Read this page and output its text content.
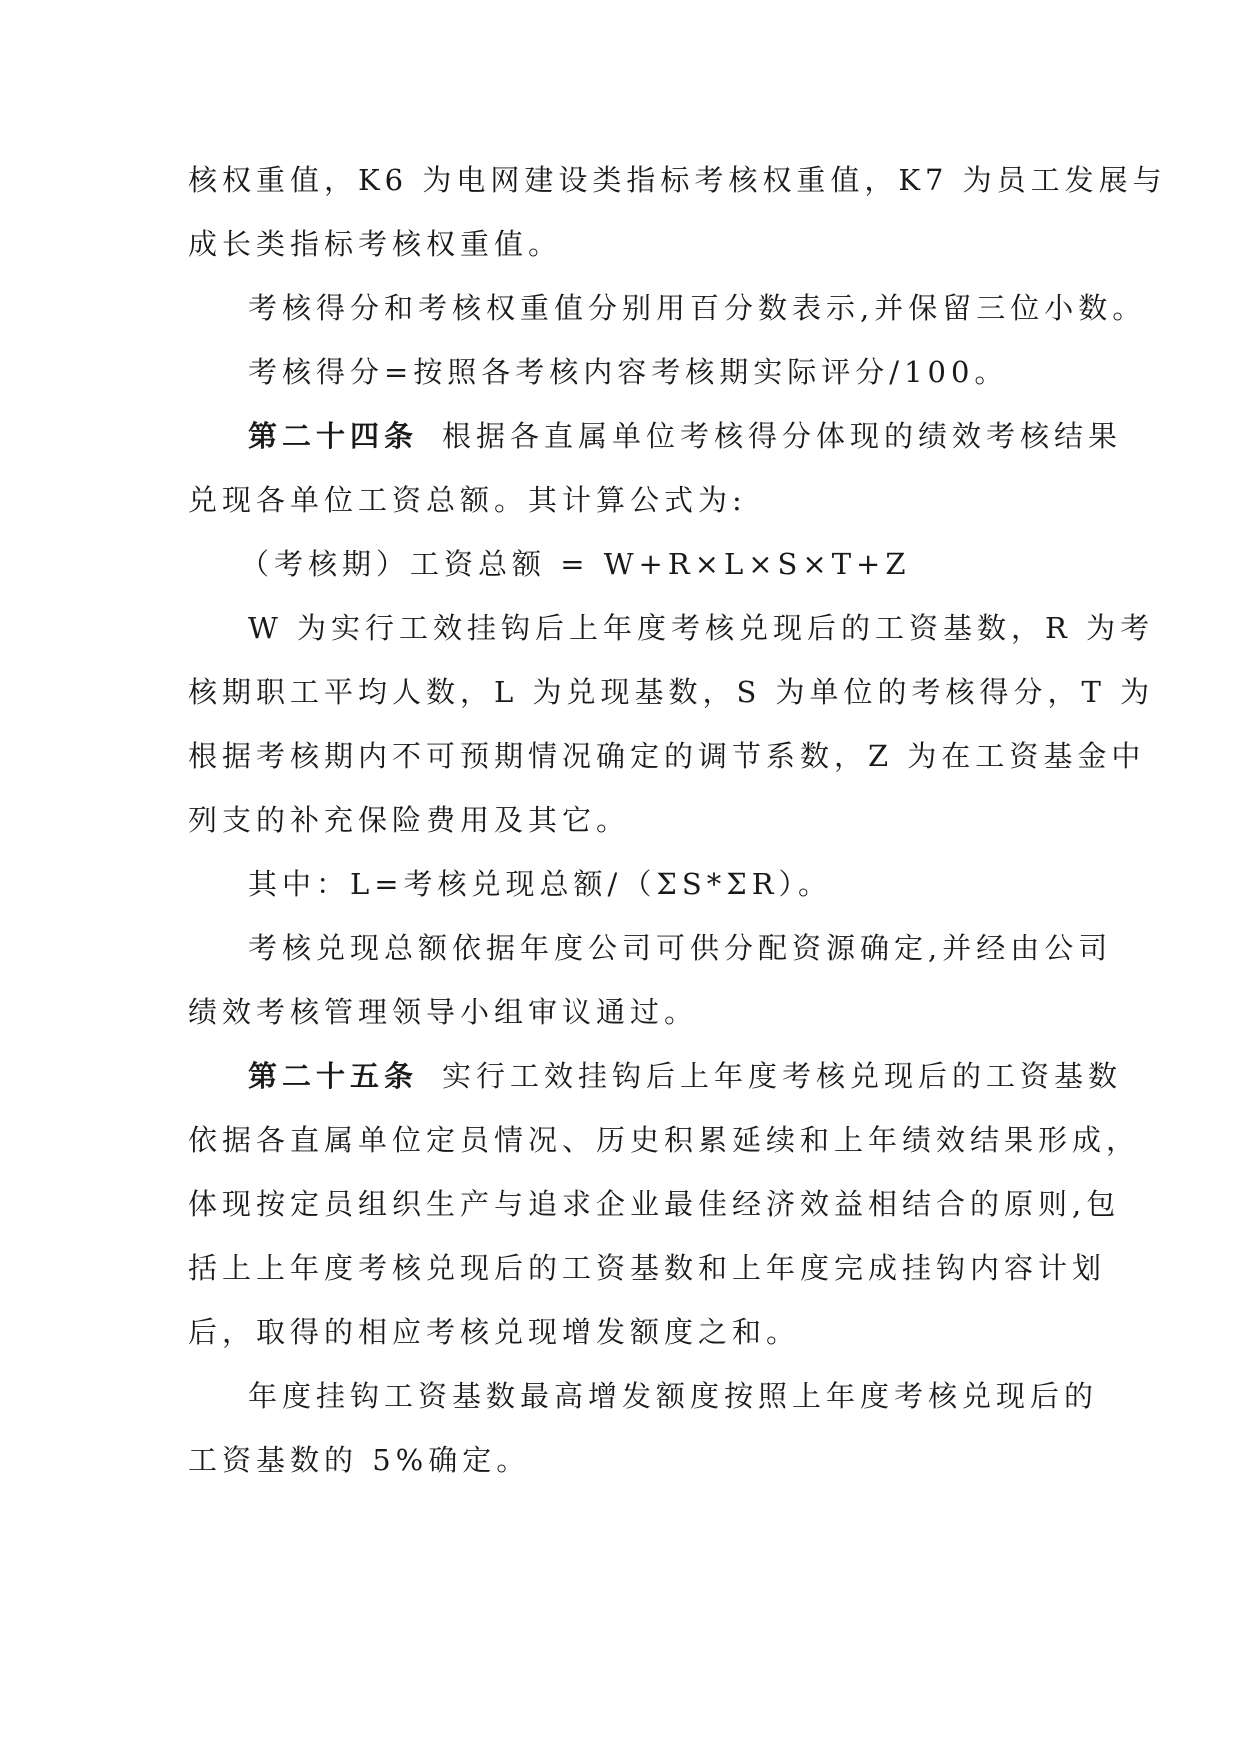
核权重值，K6 为电网建设类指标考核权重值，K7 为员工发展与
成长类指标考核权重值。
考核得分和考核权重值分别用百分数表示,并保留三位小数。
考核得分=按照各考核内容考核期实际评分/100。
第二十四条 根据各直属单位考核得分体现的绩效考核结果
兑现各单位工资总额。其计算公式为:
（考核期）工资总额 = W+R×L×S×T+Z
W 为实行工效挂钩后上年度考核兑现后的工资基数，R 为考
核期职工平均人数，L 为兑现基数，S 为单位的考核得分，T 为
根据考核期内不可预期情况确定的调节系数，Z 为在工资基金中
列支的补充保险费用及其它。
其中：L=考核兑现总额/（ΣS*ΣR）。
考核兑现总额依据年度公司可供分配资源确定,并经由公司
绩效考核管理领导小组审议通过。
第二十五条 实行工效挂钩后上年度考核兑现后的工资基数
依据各直属单位定员情况、历史积累延续和上年绩效结果形成，
体现按定员组织生产与追求企业最佳经济效益相结合的原则,包
括上上年度考核兑现后的工资基数和上年度完成挂钩内容计划
后，取得的相应考核兑现增发额度之和。
年度挂钩工资基数最高增发额度按照上年度考核兑现后的
工资基数的 5%确定。
